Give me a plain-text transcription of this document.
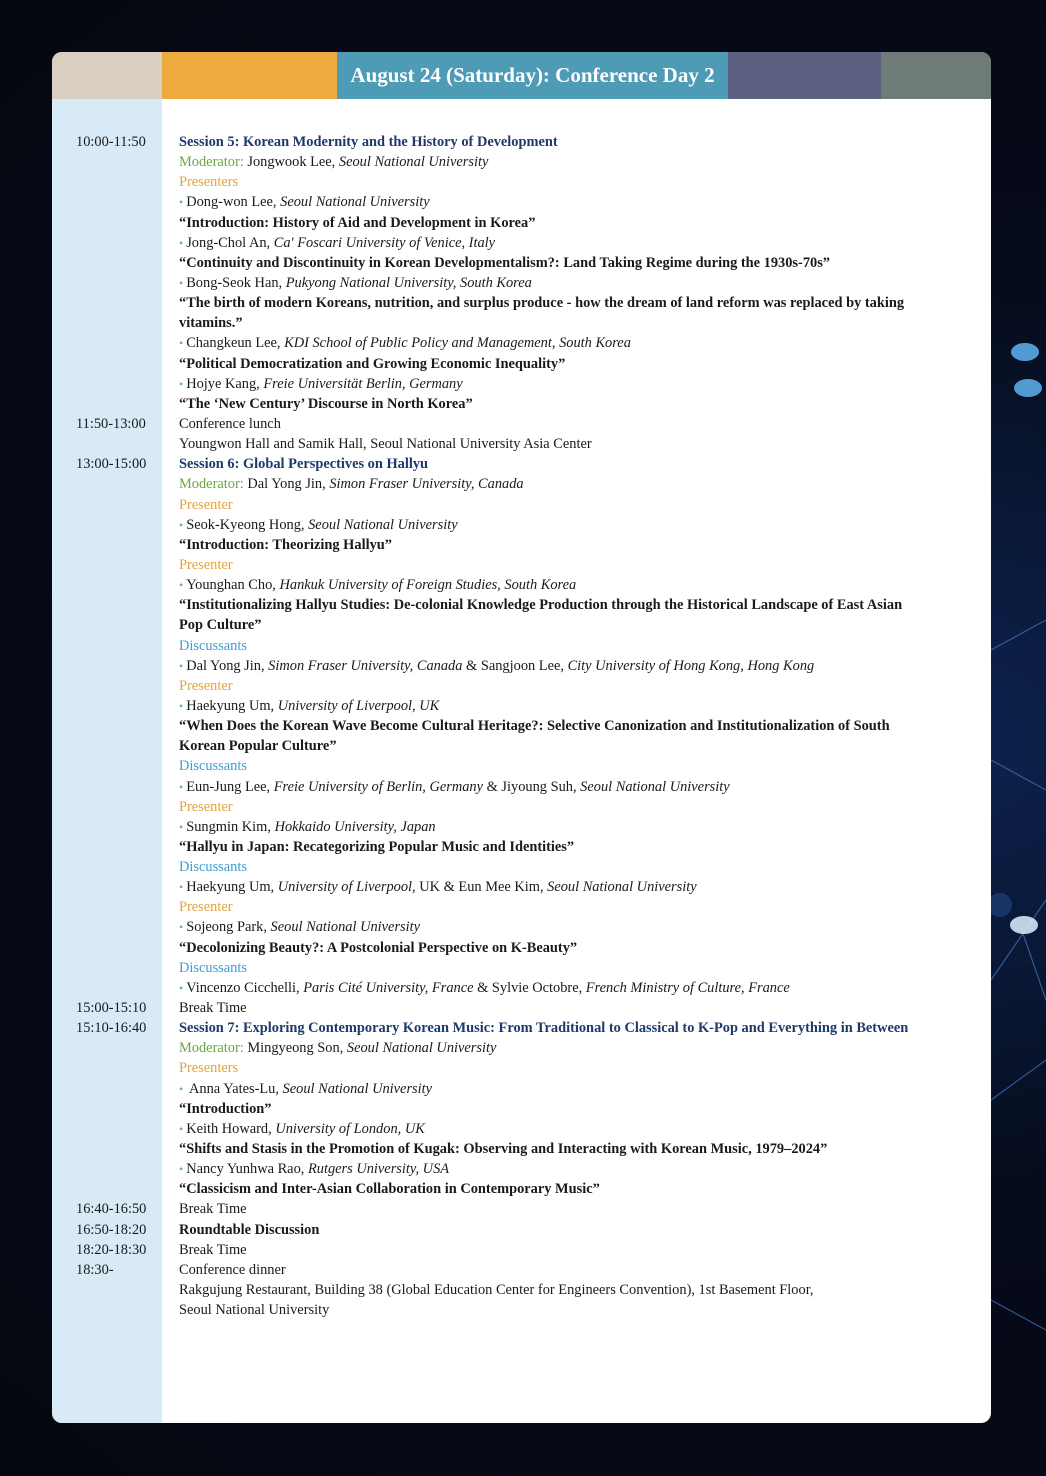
August 24 (Saturday): Conference Day 2
10:00-11:50 Session 5: Korean Modernity and the History of Development
Moderator: Jongwook Lee, Seoul National University
Presenters
• Dong-won Lee, Seoul National University
“Introduction: History of Aid and Development in Korea”
• Jong-Chol An, Ca' Foscari University of Venice, Italy
“Continuity and Discontinuity in Korean Developmentalism?: Land Taking Regime during the 1930s-70s”
• Bong-Seok Han, Pukyong National University, South Korea
“The birth of modern Koreans, nutrition, and surplus produce - how the dream of land reform was replaced by taking
vitamins.”
• Changkeun Lee, KDI School of Public Policy and Management, South Korea
“Political Democratization and Growing Economic Inequality”
• Hojye Kang, Freie Universität Berlin, Germany
“The ‘New Century’ Discourse in North Korea”
11:50-13:00 Conference lunch
Youngwon Hall and Samik Hall, Seoul National University Asia Center
13:00-15:00 Session 6: Global Perspectives on Hallyu
Moderator: Dal Yong Jin, Simon Fraser University, Canada
Presenter
• Seok-Kyeong Hong, Seoul National University
“Introduction: Theorizing Hallyu”
Presenter
• Younghan Cho, Hankuk University of Foreign Studies, South Korea
“Institutionalizing Hallyu Studies: De-colonial Knowledge Production through the Historical Landscape of East Asian
Pop Culture”
Discussants
• Dal Yong Jin, Simon Fraser University, Canada & Sangjoon Lee, City University of Hong Kong, Hong Kong
Presenter
• Haekyung Um, University of Liverpool, UK
“When Does the Korean Wave Become Cultural Heritage?: Selective Canonization and Institutionalization of South
Korean Popular Culture”
Discussants
• Eun-Jung Lee, Freie University of Berlin, Germany & Jiyoung Suh, Seoul National University
Presenter
• Sungmin Kim, Hokkaido University, Japan
“Hallyu in Japan: Recategorizing Popular Music and Identities”
Discussants
• Haekyung Um, University of Liverpool, UK & Eun Mee Kim, Seoul National University
Presenter
• Sojeong Park, Seoul National University
“Decolonizing Beauty?: A Postcolonial Perspective on K-Beauty”
Discussants
• Vincenzo Cicchelli, Paris Cité University, France & Sylvie Octobre, French Ministry of Culture, France
15:00-15:10 Break Time
15:10-16:40 Session 7: Exploring Contemporary Korean Music: From Traditional to Classical to K-Pop and Everything in Between
Moderator: Mingyeong Son, Seoul National University
Presenters
• Anna Yates-Lu, Seoul National University
“Introduction”
• Keith Howard, University of London, UK
“Shifts and Stasis in the Promotion of Kugak: Observing and Interacting with Korean Music, 1979–2024”
• Nancy Yunhwa Rao, Rutgers University, USA
“Classicism and Inter-Asian Collaboration in Contemporary Music”
16:40-16:50 Break Time
16:50-18:20 Roundtable Discussion
18:20-18:30 Break Time
18:30-	Conference dinner
Rakgujung Restaurant, Building 38 (Global Education Center for Engineers Convention), 1st Basement Floor,
Seoul National University
